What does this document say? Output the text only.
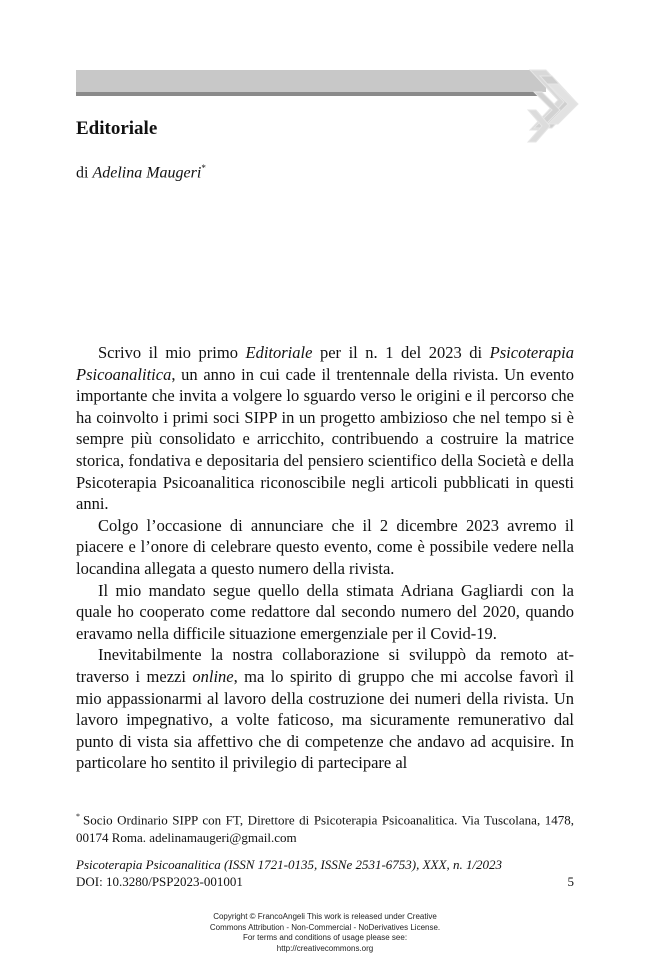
Editoriale
di Adelina Maugeri*

Scrivo il mio primo Editoriale per il n. 1 del 2023 di Psicoterapia Psicoanalitica, un anno in cui cade il trentennale della rivista. Un evento importante che invita a volgere lo sguardo verso le origini e il percorso che ha coinvolto i primi soci SIPP in un progetto ambizioso che nel tempo si è sempre più consolidato e arricchito, contribuendo a costruire la matrice storica, fondativa e depositaria del pensiero scientifico della Società e della Psicoterapia Psicoanalitica riconoscibile negli articoli pubblicati in questi anni.

Colgo l’occasione di annunciare che il 2 dicembre 2023 avremo il piacere e l’onore di celebrare questo evento, come è possibile vedere nella locandina allegata a questo numero della rivista.

Il mio mandato segue quello della stimata Adriana Gagliardi con la quale ho cooperato come redattore dal secondo numero del 2020, quando eravamo nella difficile situazione emergenziale per il Covid-19.

Inevitabilmente la nostra collaborazione si sviluppò da remoto attraverso i mezzi online, ma lo spirito di gruppo che mi accolse favorì il mio appassionarmi al lavoro della costruzione dei numeri della rivista. Un lavoro impegnativo, a volte faticoso, ma sicuramente remunerativo dal punto di vista sia affettivo che di competenze che andavo ad acquisire. In particolare ho sentito il privilegio di partecipare al

* Socio Ordinario SIPP con FT, Direttore di Psicoterapia Psicoanalitica. Via Tuscolana, 1478, 00174 Roma. adelinamaugeri@gmail.com
Psicoterapia Psicoanalitica (ISSN 1721-0135, ISSNe 2531-6753), XXX, n. 1/2023
DOI: 10.3280/PSP2023-001001	5
Copyright © FrancoAngeli This work is released under Creative
Commons Attribution - Non-Commercial - NoDerivatives License.
For terms and conditions of usage please see:
http://creativecommons.org
